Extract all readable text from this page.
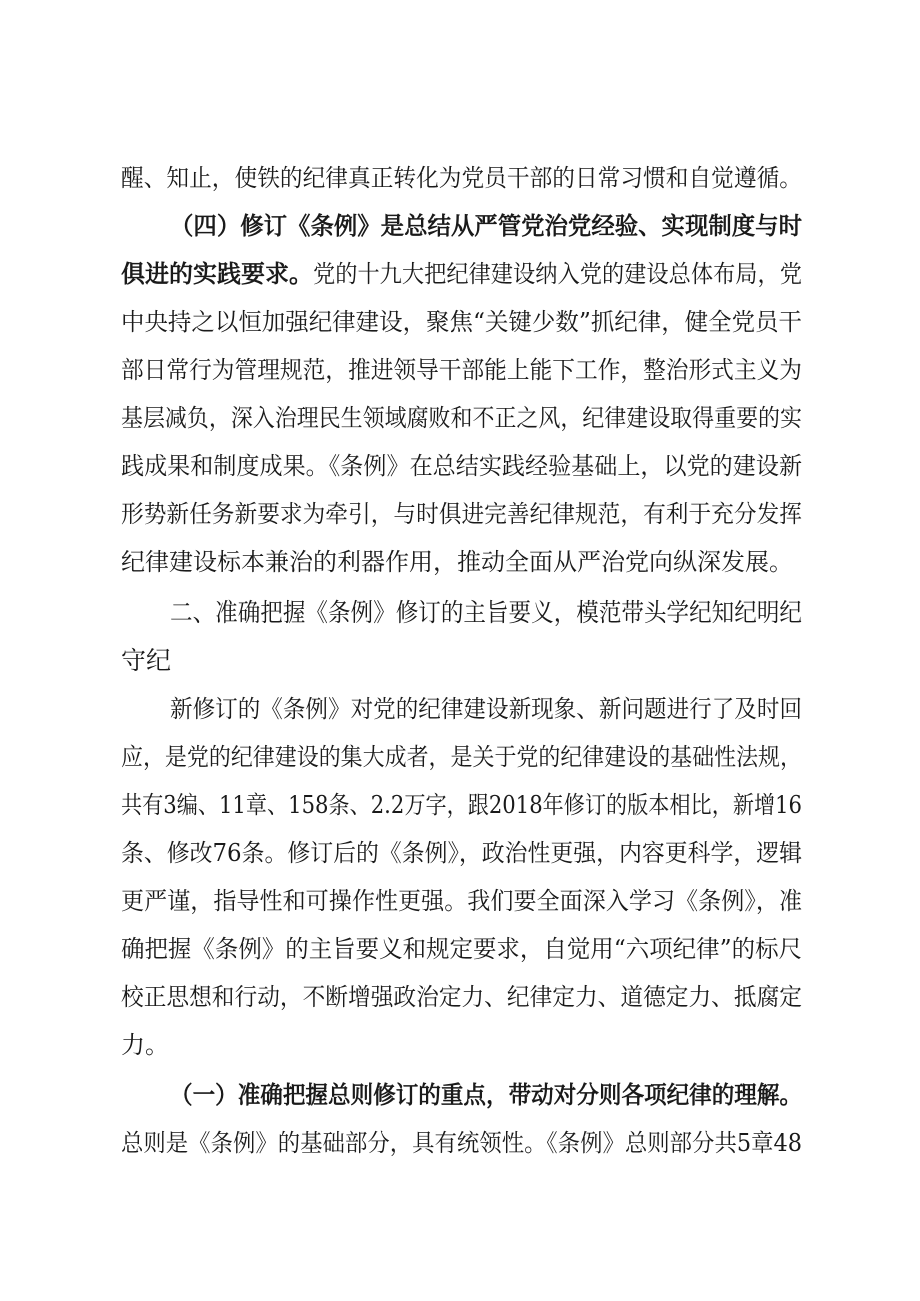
醒、知止，使铁的纪律真正转化为党员干部的日常习惯和自觉遵循。
（四）修订《条例》是总结从严管党治党经验、实现制度与时
俱进的实践要求。 党的十九大把纪律建设纳入党的建设总体布局，党
中央持之以恒加强纪律建设，聚焦“关键少数”抓纪律，健全党员干
部日常行为管理规范，推进领导干部能上能下工作，整治形式主义为
基层减负，深入治理民生领域腐败和不正之风，纪律建设取得重要的实
践成果和制度成果。《条例》在总结实践经验基础上，以党的建设新
形势新任务新要求为牵引，与时俱进完善纪律规范，有利于充分发挥
纪律建设标本兼治的利器作用，推动全面从严治党向纵深发展。
二、准确把握《条例》修订的主旨要义，模范带头学纪知纪明纪
守纪
新修订的《条例》对党的纪律建设新现象、新问题进行了及时回
应，是党的纪律建设的集大成者，是关于党的纪律建设的基础性法规，
共有3编、11章、158条、2.2万字，跟2018年修订的版本相比，新增16
条、修改76条。修订后的《条例》，政治性更强，内容更科学，逻辑
更严谨，指导性和可操作性更强。我们要全面深入学习《条例》，准
确把握《条例》的主旨要义和规定要求，自觉用“六项纪律”的标尺
校正思想和行动，不断增强政治定力、纪律定力、道德定力、抵腐定
力。
（一）准确把握总则修订的重点，带动对分则各项纪律的理解。
总则是《条例》的基础部分，具有统领性。《条例》总则部分共5章48
